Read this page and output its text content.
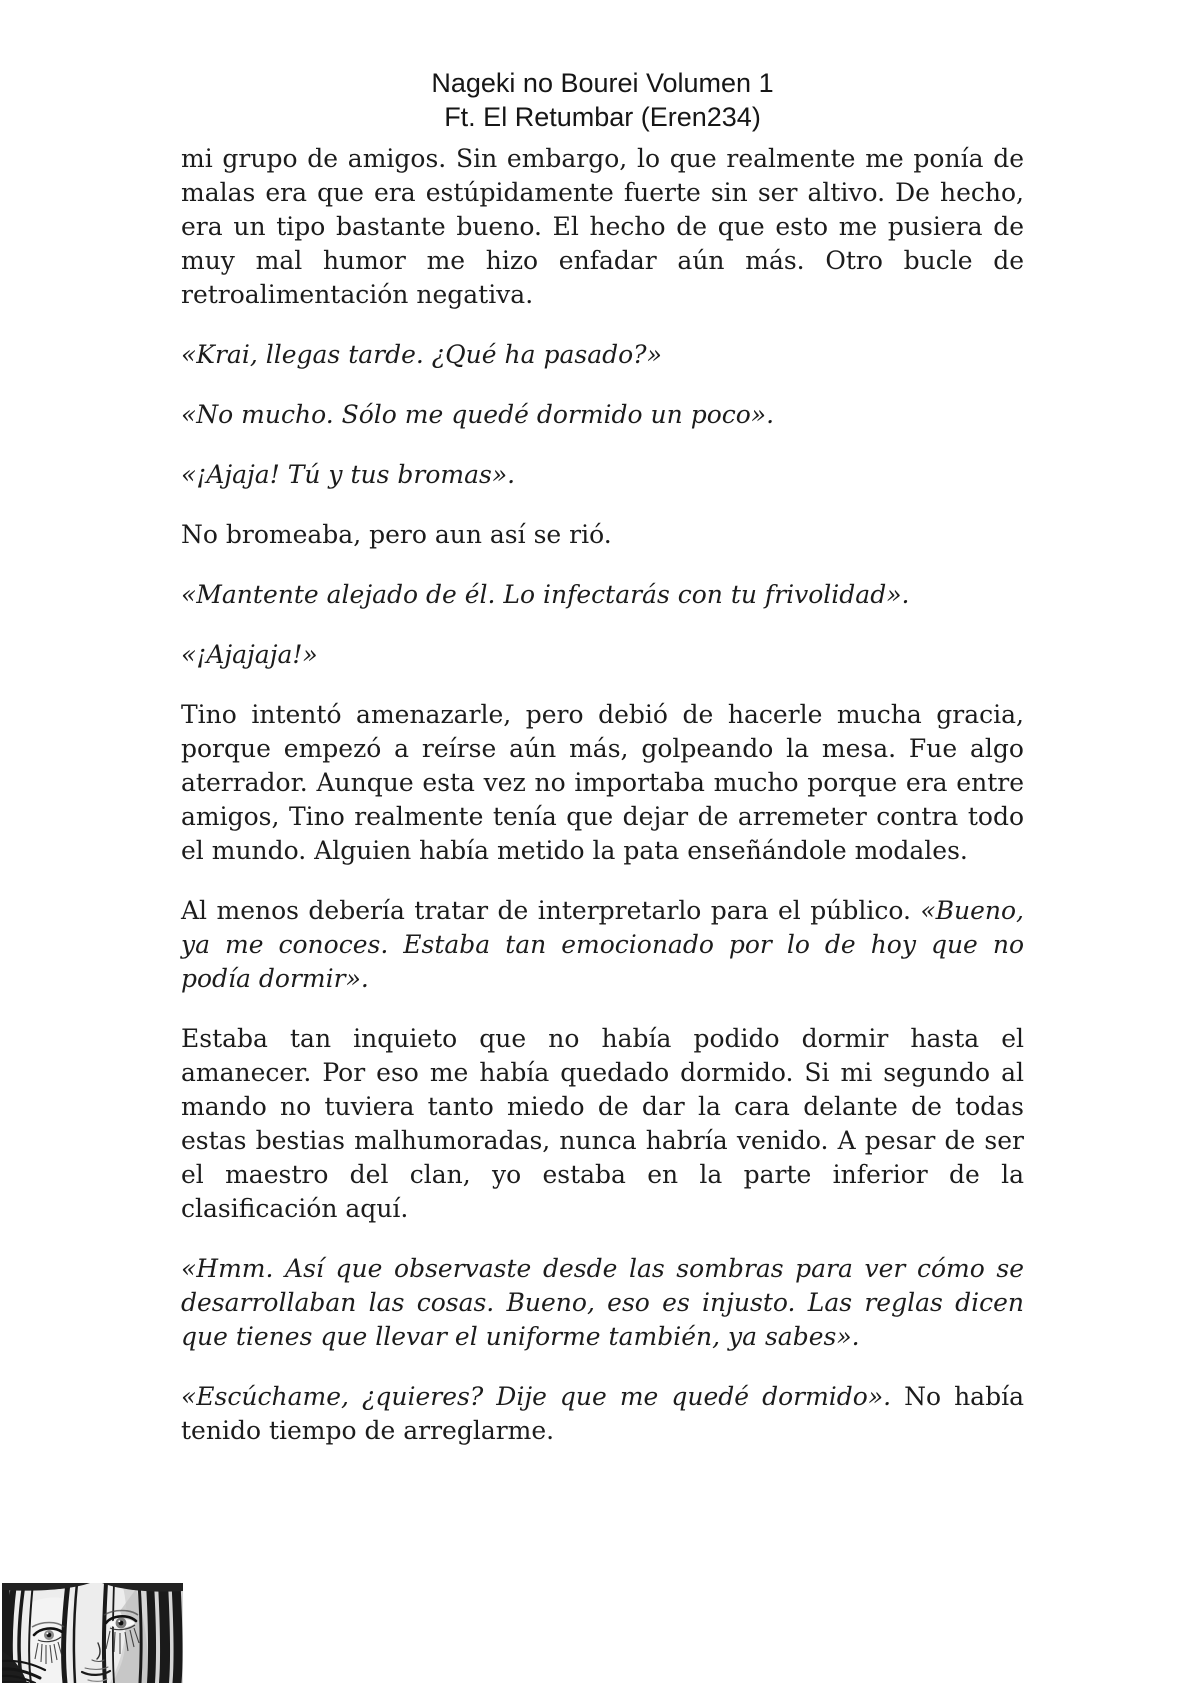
Nageki no Bourei Volumen 1
Ft. El Retumbar (Eren234)

mi grupo de amigos. Sin embargo, lo que realmente me ponía de malas era que era estúpidamente fuerte sin ser altivo. De hecho, era un tipo bastante bueno. El hecho de que esto me pusiera de muy mal humor me hizo enfadar aún más. Otro bucle de retroalimentación negativa.

«Krai, llegas tarde. ¿Qué ha pasado?»

«No mucho. Sólo me quedé dormido un poco».

«¡Ajaja! Tú y tus bromas».

No bromeaba, pero aun así se rió.

«Mantente alejado de él. Lo infectarás con tu frivolidad».

«¡Ajajaja!»

Tino intentó amenazarle, pero debió de hacerle mucha gracia, porque empezó a reírse aún más, golpeando la mesa. Fue algo aterrador. Aunque esta vez no importaba mucho porque era entre amigos, Tino realmente tenía que dejar de arremeter contra todo el mundo. Alguien había metido la pata enseñándole modales.

Al menos debería tratar de interpretarlo para el público. «Bueno, ya me conoces. Estaba tan emocionado por lo de hoy que no podía dormir».

Estaba tan inquieto que no había podido dormir hasta el amanecer. Por eso me había quedado dormido. Si mi segundo al mando no tuviera tanto miedo de dar la cara delante de todas estas bestias malhumoradas, nunca habría venido. A pesar de ser el maestro del clan, yo estaba en la parte inferior de la clasificación aquí.

«Hmm. Así que observaste desde las sombras para ver cómo se desarrollaban las cosas. Bueno, eso es injusto. Las reglas dicen que tienes que llevar el uniforme también, ya sabes».

«Escúchame, ¿quieres? Dije que me quedé dormido». No había tenido tiempo de arreglarme.
